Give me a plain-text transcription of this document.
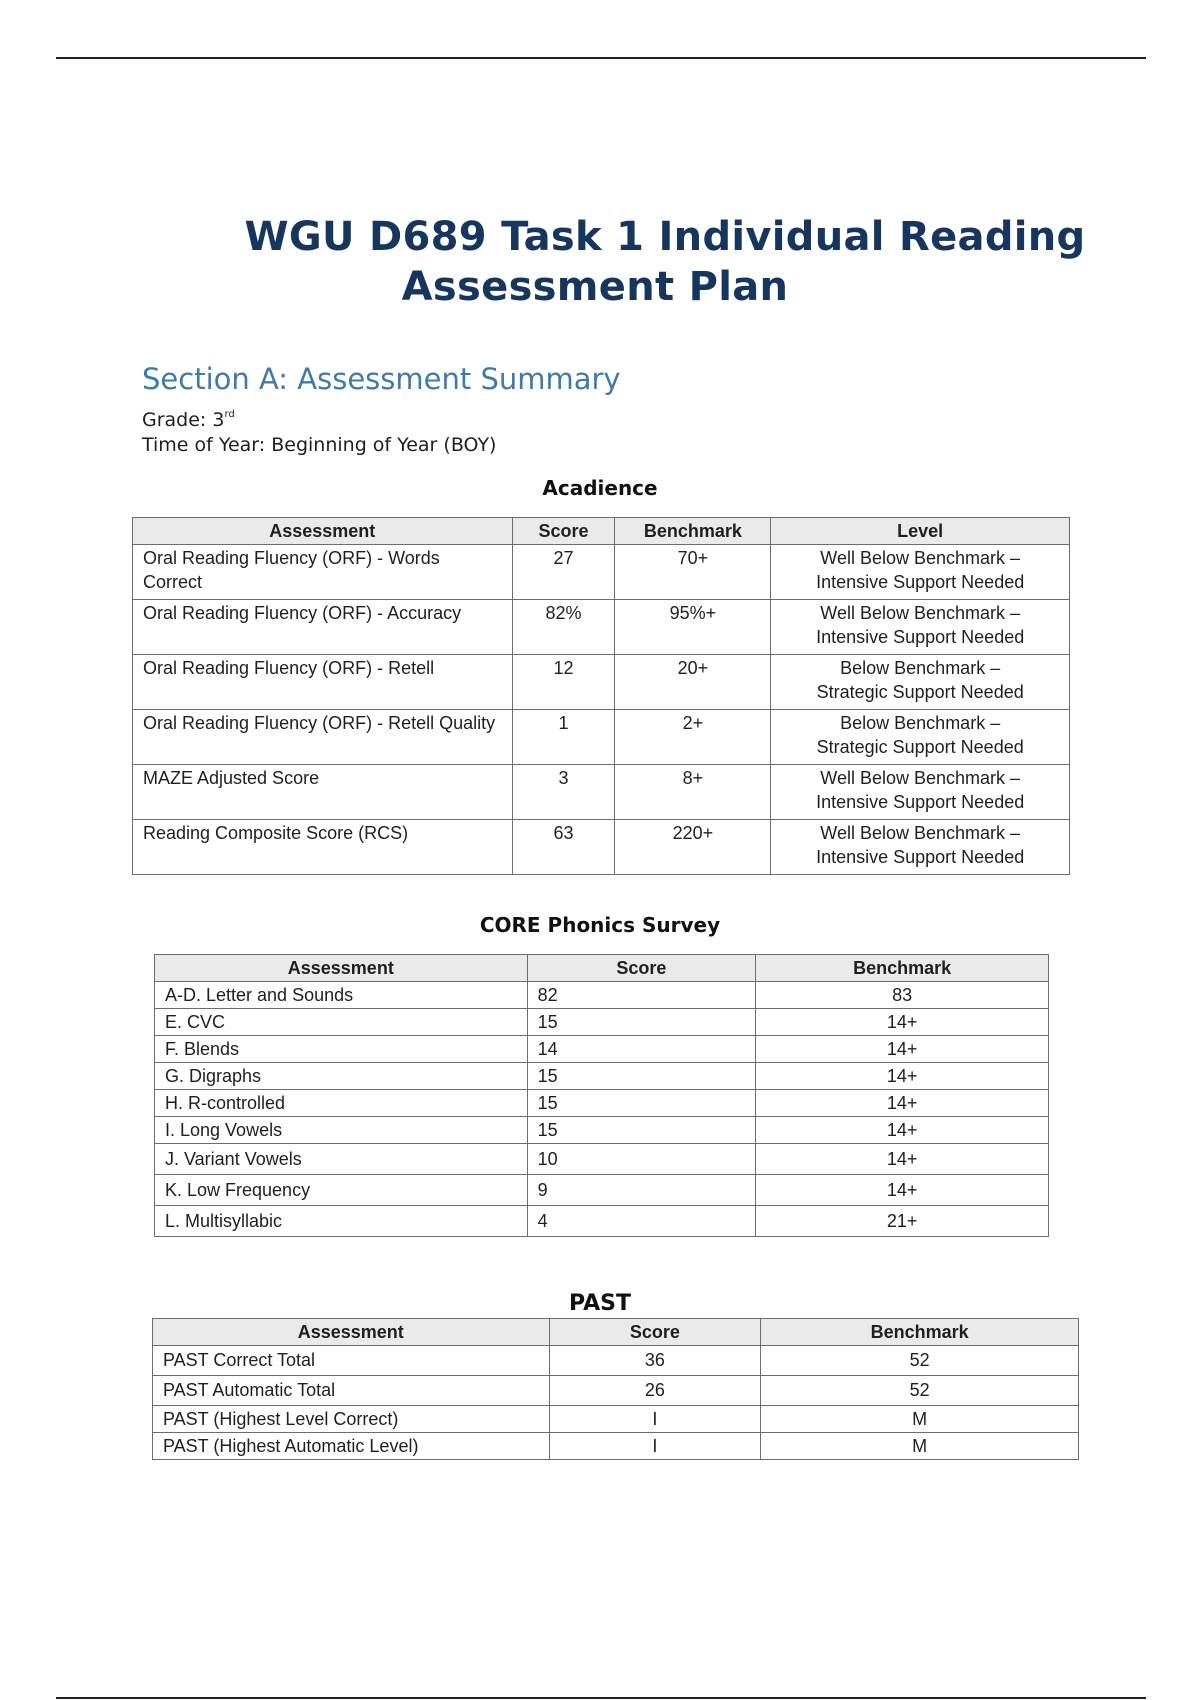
WGU D689 Task 1 Individual Reading
Assessment Plan
Section A: Assessment Summary
Grade: 3rd
Time of Year: Beginning of Year (BOY)
Acadience
Assessment	Score	Benchmark	Level
Oral Reading Fluency (ORF) - Words Correct	27	70+	Well Below Benchmark –
Intensive Support Needed

Oral Reading Fluency (ORF) - Accuracy	82%	95%+	Well Below Benchmark –
Intensive Support Needed

Oral Reading Fluency (ORF) - Retell	12	20+	Below Benchmark –
Strategic Support Needed

Oral Reading Fluency (ORF) - Retell Quality	1	2+	Below Benchmark –
Strategic Support Needed

MAZE Adjusted Score	3	8+	Well Below Benchmark –
Intensive Support Needed

Reading Composite Score (RCS)	63	220+	Well Below Benchmark –
Intensive Support Needed
CORE Phonics Survey
Assessment	Score	Benchmark
A-D. Letter and Sounds	82	83
E. CVC	15	14+
F. Blends	14	14+
G. Digraphs	15	14+
H. R-controlled	15	14+
I. Long Vowels	15	14+
J. Variant Vowels	10	14+
K. Low Frequency	9	14+
L. Multisyllabic	4	21+
PAST
Assessment	Score	Benchmark
PAST Correct Total	36	52
PAST Automatic Total	26	52
PAST (Highest Level Correct)	I	M
PAST (Highest Automatic Level)	I	M
